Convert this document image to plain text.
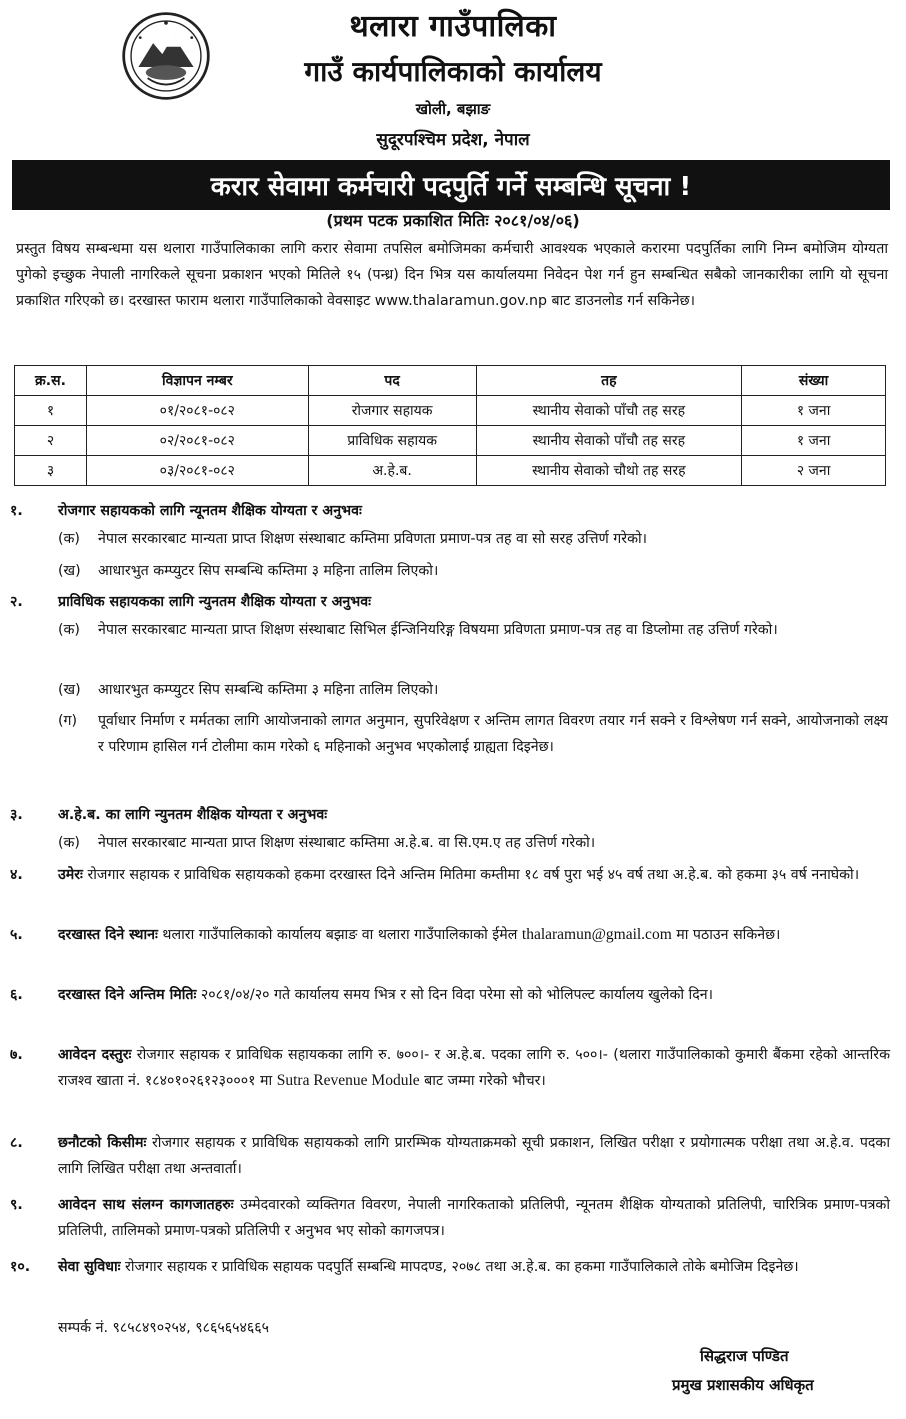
थलारा गाउँपालिका
गाउँ कार्यपालिकाको कार्यालय
खोली, बझाङ
सुदूरपश्चिम प्रदेश, नेपाल
करार सेवामा कर्मचारी पदपुर्ति गर्ने सम्बन्धि सूचना !
(प्रथम पटक प्रकाशित मितिः २०८१/०४/०६)
प्रस्तुत विषय सम्बन्धमा यस थलारा गाउँपालिकाका लागि करार सेवामा तपसिल बमोजिमका कर्मचारी आवश्यक भएकाले करारमा पदपुर्तिका लागि निम्न बमोजिम योग्यता पुगेको इच्छुक नेपाली नागरिकले सूचना प्रकाशन भएको मितिले १५ (पन्ध्र) दिन भित्र यस कार्यालयमा निवेदन पेश गर्न हुन सम्बन्धित सबैको जानकारीका लागि यो सूचना प्रकाशित गरिएको छ। दरखास्त फाराम थलारा गाउँपालिकाको वेवसाइट www.thalaramun.gov.np बाट डाउनलोड गर्न सकिनेछ।
क्र.स.	विज्ञापन नम्बर	पद	तह	संख्या
१	०१/२०८१-०८२	रोजगार सहायक	स्थानीय सेवाको पाँचौ तह सरह	१ जना
२	०२/२०८१-०८२	प्राविधिक सहायक	स्थानीय सेवाको पाँचौ तह सरह	१ जना
३	०३/२०८१-०८२	अ.हे.ब.	स्थानीय सेवाको चौथो तह सरह	२ जना
१.	रोजगार सहायकको लागि न्यूनतम शैक्षिक योग्यता र अनुभवः
(क)	नेपाल सरकारबाट मान्यता प्राप्त शिक्षण संस्थाबाट कम्तिमा प्रविणता प्रमाण-पत्र तह वा सो सरह उत्तिर्ण गरेको।
(ख)	आधारभुत कम्प्युटर सिप सम्बन्धि कम्तिमा ३ महिना तालिम लिएको।
२.	प्राविधिक सहायकका लागि न्युनतम शैक्षिक योग्यता र अनुभवः
(क)	नेपाल सरकारबाट मान्यता प्राप्त शिक्षण संस्थाबाट सिभिल ईन्जिनियरिङ्ग विषयमा प्रविणता प्रमाण-पत्र तह वा डिप्लोमा तह उत्तिर्ण गरेको।
(ख)	आधारभुत कम्प्युटर सिप सम्बन्धि कम्तिमा ३ महिना तालिम लिएको।
(ग)	पूर्वाधार निर्माण र मर्मतका लागि आयोजनाको लागत अनुमान, सुपरिवेक्षण र अन्तिम लागत विवरण तयार गर्न सक्ने र विश्लेषण गर्न सक्ने, आयोजनाको लक्ष्य र परिणाम हासिल गर्न टोलीमा काम गरेको ६ महिनाको अनुभव भएकोलाई ग्राह्यता दिइनेछ।
३.	अ.हे.ब. का लागि न्युनतम शैक्षिक योग्यता र अनुभवः
(क)	नेपाल सरकारबाट मान्यता प्राप्त शिक्षण संस्थाबाट कम्तिमा अ.हे.ब. वा सि.एम.ए तह उत्तिर्ण गरेको।
४.	उमेरः रोजगार सहायक र प्राविधिक सहायकको हकमा दरखास्त दिने अन्तिम मितिमा कम्तीमा १८ वर्ष पुरा भई ४५ वर्ष तथा अ.हे.ब. को हकमा ३५ वर्ष ननाघेको।
५.	दरखास्त दिने स्थानः थलारा गाउँपालिकाको कार्यालय बझाङ वा थलारा गाउँपालिकाको ईमेल thalaramun@gmail.com मा पठाउन सकिनेछ।
६.	दरखास्त दिने अन्तिम मितिः २०८१/०४/२० गते कार्यालय समय भित्र र सो दिन विदा परेमा सो को भोलिपल्ट कार्यालय खुलेको दिन।
७.	आवेदन दस्तुरः रोजगार सहायक र प्राविधिक सहायकका लागि रु. ७००।- र अ.हे.ब. पदका लागि रु. ५००।- (थलारा गाउँपालिकाको कुमारी बैंकमा रहेको आन्तरिक राजश्व खाता नं. १८४०१०२६१२३०००१ मा Sutra Revenue Module बाट जम्मा गरेको भौचर।
८.	छनौटको किसीमः रोजगार सहायक र प्राविधिक सहायकको लागि प्रारम्भिक योग्यताक्रमको सूची प्रकाशन, लिखित परीक्षा र प्रयोगात्मक परीक्षा तथा अ.हे.व. पदका लागि लिखित परीक्षा तथा अन्तवार्ता।
९.	आवेदन साथ संलग्न कागजातहरुः उम्मेदवारको व्यक्तिगत विवरण, नेपाली नागरिकताको प्रतिलिपी, न्यूनतम शैक्षिक योग्यताको प्रतिलिपी, चारित्रिक प्रमाण-पत्रको प्रतिलिपी, तालिमको प्रमाण-पत्रको प्रतिलिपी र अनुभव भए सोको कागजपत्र।
१०.	सेवा सुविधाः रोजगार सहायक र प्राविधिक सहायक पदपुर्ति सम्बन्धि मापदण्ड, २०७८ तथा अ.हे.ब. का हकमा गाउँपालिकाले तोके बमोजिम दिइनेछ।
सम्पर्क नं. ९८५८४९०२५४, ९८६५६५४६६५
सिद्धराज पण्डित
प्रमुख प्रशासकीय अधिकृत
